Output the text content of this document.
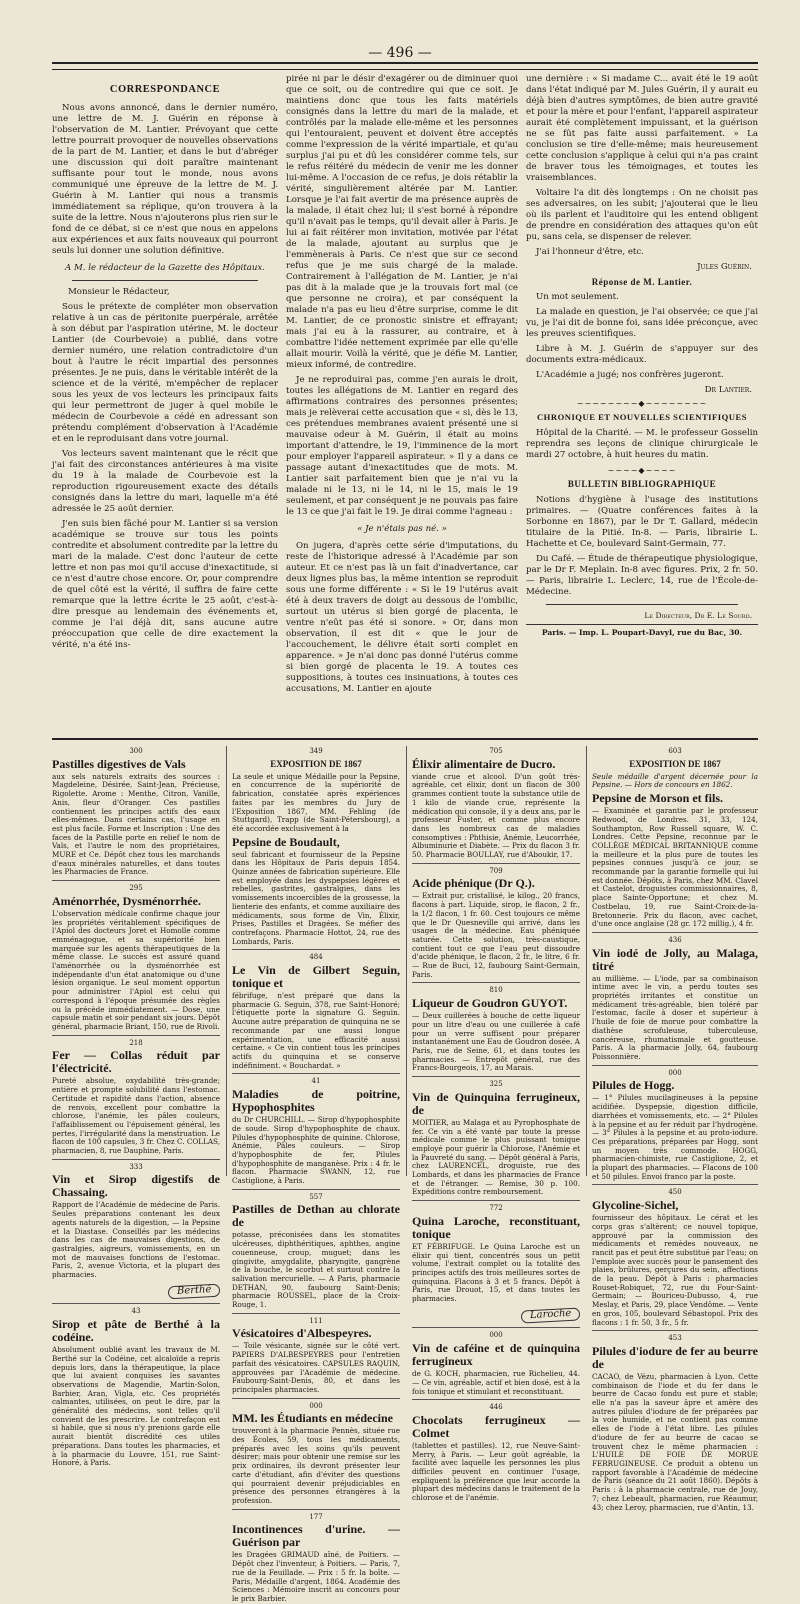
— 496 —
CORRESPONDANCE

Nous avons annoncé, dans le dernier numéro, une lettre de M. J. Guérin en réponse à l'observation de M. Lantier. Prévoyant que cette lettre pourrait provoquer de nouvelles observations de la part de M. Lantier, et dans le but d'abréger une discussion qui doit paraître maintenant suffisante pour tout le monde, nous avons communiqué une épreuve de la lettre de M. J. Guérin à M. Lantier qui nous a transmis immédiatement sa réplique, qu'on trouvera à la suite de la lettre. Nous n'ajouterons plus rien sur le fond de ce débat, si ce n'est que nous en appelons aux expériences et aux faits nouveaux qui pourront seuls lui donner une solution définitive.

A M. le rédacteur de la Gazette des Hôpitaux.

Monsieur le Rédacteur,

Sous le prétexte de compléter mon observation relative à un cas de péritonite puerpérale, arrêtée à son début par l'aspiration utérine, M. le docteur Lantier (de Courbevoie) a publié, dans votre dernier numéro, une relation contradictoire d'un bout à l'autre le récit impartial des personnes présentes. Je ne puis, dans le véritable intérêt de la science et de la vérité, m'empêcher de replacer sous les yeux de vos lecteurs les principaux faits qui leur permettront de juger à quel mobile le médecin de Courbevoie a cédé en adressant son prétendu complément d'observation à l'Académie et en le reproduisant dans votre journal.

Vos lecteurs savent maintenant que le récit que j'ai fait des circonstances antérieures à ma visite du 19 à la malade de Courbevoie est la reproduction rigoureusement exacte des détails consignés dans la lettre du mari, laquelle m'a été adressée le 25 août dernier.

J'en suis bien fâché pour M. Lantier si sa version académique se trouve sur tous les points contredite et absolument contredite par la lettre du mari de la malade. C'est donc l'auteur de cette lettre et non pas moi qu'il accuse d'inexactitude, si ce n'est d'autre chose encore. Or, pour comprendre de quel côté est la vérité, il suffira de faire cette remarque que la lettre écrite le 25 août, c'est-à-dire presque au lendemain des événements et, comme je l'ai déjà dit, sans aucune autre préoccupation que celle de dire exactement la vérité, n'a été ins-

pirée ni par le désir d'exagérer ou de diminuer quoi que ce soit, ou de contredire qui que ce soit. Je maintiens donc que tous les faits matériels consignés dans la lettre du mari de la malade, et contrôlés par la malade elle-même et les personnes qui l'entouraient, peuvent et doivent être acceptés comme l'expression de la vérité impartiale, et qu'au surplus j'ai pu et dû les considérer comme tels, sur le refus réitéré du médecin de venir me les donner lui-même. A l'occasion de ce refus, je dois rétablir la vérité, singulièrement altérée par M. Lantier. Lorsque je l'ai fait avertir de ma présence auprès de la malade, il était chez lui; il s'est borné à répondre qu'il n'avait pas le temps, qu'il devait aller à Paris. Je lui ai fait réitérer mon invitation, motivée par l'état de la malade, ajoutant au surplus que je l'emmènerais à Paris. Ce n'est que sur ce second refus que je me suis chargé de la malade. Contrairement à l'allégation de M. Lantier, je n'ai pas dit à la malade que je la trouvais fort mal (ce que personne ne croira), et par conséquent la malade n'a pas eu lieu d'être surprise, comme le dit M. Lantier, de ce pronostic sinistre et effrayant; mais j'ai eu à la rassurer, au contraire, et à combattre l'idée nettement exprimée par elle qu'elle allait mourir. Voilà la vérité, que je défie M. Lantier, mieux informé, de contredire.

Je ne reproduirai pas, comme j'en aurais le droit, toutes les allégations de M. Lantier en regard des affirmations contraires des personnes présentes; mais je relèverai cette accusation que « si, dès le 13, ces prétendues membranes avaient présenté une si mauvaise odeur à M. Guérin, il était au moins important d'attendre, le 19, l'imminence de la mort pour employer l'appareil aspirateur. » Il y a dans ce passage autant d'inexactitudes que de mots. M. Lantier sait parfaitement bien que je n'ai vu la malade ni le 13, ni le 14, ni le 15, mais le 19 seulement, et par conséquent je ne pouvais pas faire le 13 ce que j'ai fait le 19. Je dirai comme l'agneau :

« Je n'étais pas né. »

On jugera, d'après cette série d'imputations, du reste de l'historique adressé à l'Académie par son auteur. Et ce n'est pas là un fait d'inadvertance, car deux lignes plus bas, la même intention se reproduit sous une forme différente : « Si le 19 l'utérus avait été à deux travers de doigt au dessous de l'ombilic, surtout un utérus si bien gorgé de placenta, le ventre n'eût pas été si sonore. » Or, dans mon observation, il est dit « que le jour de l'accouchement, le délivre était sorti complet en apparence. » Je n'ai donc pas donné l'utérus comme si bien gorgé de placenta le 19. A toutes ces suppositions, à toutes ces insinuations, à toutes ces accusations, M. Lantier en ajoute

une dernière : « Si madame C... avait été le 19 août dans l'état indiqué par M. Jules Guérin, il y aurait eu déjà bien d'autres symptômes, de bien autre gravité et pour la mère et pour l'enfant, l'appareil aspirateur aurait été complètement impuissant, et la guérison ne se fût pas faite aussi parfaitement. » La conclusion se tire d'elle-même; mais heureusement cette conclusion s'applique à celui qui n'a pas craint de braver tous les témoignages, et toutes les vraisemblances.

Voltaire l'a dit dès longtemps : On ne choisit pas ses adversaires, on les subit; j'ajouterai que le lieu où ils parlent et l'auditoire qui les entend obligent de prendre en considération des attaques qu'on eût pu, sans cela, se dispenser de relever.

J'ai l'honneur d'être, etc.

Jules Guérin.
Réponse de M. Lantier.

Un mot seulement.

La malade en question, je l'ai observée; ce que j'ai vu, je l'ai dit de bonne foi, sans idée préconçue, avec les preuves scientifiques.

Libre à M. J. Guérin de s'appuyer sur des documents extra-médicaux.

L'Académie a jugé; nos confrères jugeront.

Dr Lantier.
~~~~~~~~◆~~~~~~~~
CHRONIQUE ET NOUVELLES SCIENTIFIQUES

Hôpital de la Charité. — M. le professeur Gosselin reprendra ses leçons de clinique chirurgicale le mardi 27 octobre, à huit heures du matin.

~~~~◆~~~~
BULLETIN BIBLIOGRAPHIQUE

Notions d'hygiène à l'usage des institutions primaires. — (Quatre conférences faites à la Sorbonne en 1867), par le Dr T. Gallard, médecin titulaire de la Pitié. In-8. — Paris, librairie L. Hachette et Ce, boulevard Saint-Germain, 77.

Du Café. — Étude de thérapeutique physiologique, par le Dr F. Meplain. In-8 avec figures. Prix, 2 fr. 50. — Paris, librairie L. Leclerc, 14, rue de l'École-de-Médecine.

Le Directeur, Dr E. Le Sourd.
Paris. — Imp. L. Poupart-Davyl, rue du Bac, 30.
300
Pastilles digestives de Vals

aux sels naturels extraits des sources : Magdeleine, Désirée, Saint-Jean, Précieuse, Rigolette. Arome : Menthe, Citron, Vanille, Anis, fleur d'Oranger. Ces pastilles contiennent les principes actifs des eaux elles-mêmes. Dans certains cas, l'usage en est plus facile. Forme et Inscription : Une des faces de la Pastille porte en relief le nom de Vals, et l'autre le nom des propriétaires, MURE et Ce. Dépôt chez tous les marchands d'eaux minérales naturelles, et dans toutes les Pharmacies de France.

295
Aménorrhée, Dysménorrhée.

L'observation médicale confirme chaque jour les propriétés véritablement spécifiques de l'Apiol des docteurs Joret et Homolle comme emménagogue, et sa supériorité bien marquée sur les agents thérapeutiques de la même classe. Le succès est assuré quand l'aménorrhée ou la dysménorrhée est indépendante d'un état anatomique ou d'une lésion organique. Le seul moment opportun pour administrer l'Apiol est celui qui correspond à l'époque présumée des règles ou la précède immédiatement. — Dose, une capsule matin et soir pendant six jours. Dépôt général, pharmacie Briant, 150, rue de Rivoli.

218
Fer — Collas réduit par l'électricité.

Pureté absolue, oxydabilité très-grande; entière et prompte solubilité dans l'estomac. Certitude et rapidité dans l'action, absence de renvois, excellent pour combattre la chlorose, l'anémie, les pâles couleurs, l'affaiblissement ou l'épuisement général, les pertes, l'irrégularité dans la menstruation. Le flacon de 100 capsules, 3 fr. Chez C. COLLAS, pharmacien, 8, rue Dauphine, Paris.

333
Vin et Sirop digestifs de Chassaing.

Rapport de l'Académie de médecine de Paris. Seules préparations contenant les deux agents naturels de la digestion, — la Pepsine et la Diastase. Conseillés par les médecins dans les cas de mauvaises digestions, de gastralgies, aigreurs, vomissements, en un mot de mauvaises fonctions de l'estomac. Paris, 2, avenue Victoria, et la plupart des pharmacies.

Berthé
43
Sirop et pâte de Berthé à la codéine.

Absolument oublié avant les travaux de M. Berthé sur la Codéine, cet alcaloïde a repris depuis lors, dans la thérapeutique, la place que lui avaient conquises les savantes observations de Magendie, Martin-Solon, Barbier, Aran, Vigla, etc. Ces propriétés calmantes, utilisées, on peut le dire, par la généralité des médecins, sont telles qu'il convient de les prescrire. Le contrefaçon est si habile, que si nous n'y prenions garde elle aurait bientôt discrédité ces utiles préparations. Dans toutes les pharmacies, et à la pharmacie du Louvre, 151, rue Saint-Honoré, à Paris.

349
EXPOSITION DE 1867

La seule et unique Médaille pour la Pepsine, en concurrence de la supériorité de fabrication, constatée après expériences faites par les membres du Jury de l'Exposition 1867, MM. Fehling (de Stuttgard), Trapp (de Saint-Pétersbourg), a été accordée exclusivement à la

Pepsine de Boudault,

seul fabricant et fournisseur de la Pepsine dans les Hôpitaux de Paris depuis 1854. Quinze années de fabrication supérieure. Elle est employée dans les dyspepsies légères et rebelles, gastrites, gastralgies, dans les vomissements incoercibles de la grossesse, la lienterie des enfants, et comme auxiliaire des médicaments, sous forme de Vin, Élixir, Prises, Pastilles et Dragées. Se méfier des contrefaçons. Pharmacie Hottot, 24, rue des Lombards, Paris.

484
Le Vin de Gilbert Seguin, tonique et

fébrifuge, n'est préparé que dans la pharmacie G. Seguin, 378, rue Saint-Honoré; l'étiquette porte la signature G. Seguin. Aucune autre préparation de quinquina ne se recommande par une aussi longue expérimentation, une efficacité aussi certaine. « Ce vin contient tous les principes actifs du quinquina et se conserve indéfiniment. « Bouchardat. »

41
Maladies de poitrine, Hypophosphites

du Dr CHURCHILL. — Sirop d'hypophosphite de soude. Sirop d'hypophosphite de chaux. Pilules d'hypophosphite de quinine. Chlorose, Anémie, Pâles couleurs. — Sirop d'hypophosphite de fer, Pilules d'hypophosphite de manganèse. Prix : 4 fr. le flacon. Pharmacie SWANN, 12, rue Castiglione, à Paris.

557
Pastilles de Dethan au chlorate de

potasse, préconisées dans les stomatites ulcéreuses, diphthéritiques, aphthes, angine couenneuse, croup, muguet; dans les gingivite, amygdalite, pharyngite, gangrène de la bouche, le scorbut et surtout contre la salivation mercurielle. — A Paris, pharmacie DETHAN, 90, faubourg Saint-Denis; pharmacie ROUSSEL, place de la Croix-Rouge, 1.

111
Vésicatoires d'Albespeyres.

— Toile vésicante, signée sur le côté vert. PAPIERS D'ALBESPEYRES pour l'entretien parfait des vésicatoires. CAPSULES RAQUIN, approuvées par l'Académie de médecine. Faubourg-Saint-Denis, 80, et dans les principales pharmacies.

000
MM. les Étudiants en médecine

trouveront à la pharmacie Pennès, située rue des Écoles, 59, tous les médicaments, préparés avec les soins qu'ils peuvent désirer; mais pour obtenir une remise sur les prix ordinaires, ils devront présenter leur carte d'étudiant, afin d'éviter des questions qui pourraient devenir préjudiciables en présence des personnes étrangères à la profession.

177
Incontinences d'urine. — Guérison par

les Dragées GRIMAUD aîné, de Poitiers. — Dépôt chez l'inventeur, à Poitiers. — Paris, 7, rue de la Feuillade. — Prix : 5 fr. la boîte. — Paris, Médaille d'argent, 1864. Académie des Sciences : Mémoire inscrit au concours pour le prix Barbier.

705
Élixir alimentaire de Ducro.

viande crue et alcool. D'un goût très-agréable, cet élixir, dont un flacon de 300 grammes contient toute la substance utile de 1 kilo de viande crue, représente la médication qui console, il y a deux ans, par le professeur Fuster, et comme plus encore dans les nombreux cas de maladies consomptives : Phthisie, Anémie, Leucorrhée, Albuminurie et Diabète. — Prix du flacon 3 fr. 50. Pharmacie BOULLAY, rue d'Aboukir, 17.

709
Acide phénique (Dr Q.).

— Extrait pur, cristallisé, le kilog., 20 francs, flacons à part. Liquide, sirop, le flacon, 2 fr., la 1/2 flacon, 1 fr. 60. Cest toujours ce même que le Dr Quesneville qui arrivé, dans les usages de la médecine. Eau phéniquée saturée. Cette solution, très-caustique, contient tout ce que l'eau peut dissoudre d'acide phénique, le flacon, 2 fr., le litre, 6 fr. — Rue de Buci, 12, faubourg Saint-Germain, Paris.

810
Liqueur de Goudron GUYOT.

— Deux cuillerées à bouche de cette liqueur pour un litre d'eau ou une cuillerée à café pour un verre suffisent pour préparer instantanément une Eau de Goudron dosée. A Paris, rue de Seine, 61, et dans toutes les pharmacies. — Entrepôt général, rue des Francs-Bourgeois, 17, au Marais.

325
Vin de Quinquina ferrugineux, de

MOITIER, au Malaga et au Pyrophosphate de fer. Ce vin a été vanté par toute la presse médicale comme le plus puissant tonique employé pour guérir la Chlorose, l'Anémie et la Pauvreté du sang. — Dépôt général à Paris, chez LAURENCEL, droguiste, rue des Lombards, et dans les pharmacies de France et de l'étranger. — Remise, 30 p. 100. Expéditions contre remboursement.

772
Quina Laroche, reconstituant, tonique

ET FÉBRIFUGE. Le Quina Laroche est un élixir qui tient, concentrés sous un petit volume, l'extrait complet ou la totalité des principes actifs des trois meilleures sortes de quinquina. Flacons à 3 et 5 francs. Dépôt à Paris, rue Drouot, 15, et dans toutes les pharmacies.

Laroche
000
Vin de caféine et de quinquina ferrugineux

de G. KOCH, pharmacien, rue Richelieu, 44. — Ce vin, agréable, actif et bien dosé, est à la fois tonique et stimulant et reconstituant.

446
Chocolats ferrugineux — Colmet

(tablettes et pastilles). 12, rue Neuve-Saint-Merry, à Paris. — Leur goût agréable, la facilité avec laquelle les personnes les plus difficiles peuvent en continuer l'usage, expliquent la préférence que leur accorde la plupart des médecins dans le traitement de la chlorose et de l'anémie.

603
EXPOSITION DE 1867

Seule médaille d'argent décernée pour la Pepsine. — Hors de concours en 1862.

Pepsine de Morson et fils.

— Examinée et garantie par le professeur Redwood, de Londres. 31, 33, 124, Southampton, Row Russell square, W. C. Londres. Cette Pepsine, reconnue par le COLLÈGE MÉDICAL BRITANNIQUE comme la meilleure et la plus pure de toutes les pepsines connues jusqu'à ce jour, se recommande par la garantie formelle qui lui est donnée. Dépôts, à Paris, chez MM. Clavel et Castelot, droguistes commissionnaires, 8, place Sainte-Opportune; et chez M. Costbelau, 19, rue Saint-Croix-de-la-Bretonnerie. Prix du flacon, avec cachet, d'une once anglaise (28 gr. 172 millig.), 4 fr.

436
Vin iodé de Jolly, au Malaga, titré

au millième. — L'iode, par sa combinaison intime avec le vin, a perdu toutes ses propriétés irritantes et constitue un médicament très-agréable, bien toléré par l'estomac, facile à doser et supérieur à l'huile de foie de morue pour combattre la diathèse scrofuleuse, tuberculeuse, cancéreuse, rhumatismale et goutteuse. Paris. A la pharmacie Jolly, 64, faubourg Poissonnière.

000
Pilules de Hogg.

— 1° Pilules mucilagineuses à la pepsine acidifiée. Dyspepsie, digestion difficile, diarrhées et vomissements, etc. — 2° Pilules à la pepsine et au fer réduit par l'hydrogène. — 3° Pilules à la pepsine et au proto-iodure. Ces préparations, préparées par Hogg, sont un moyen très commode. HOGG, pharmacien-chimiste, rue Castiglione, 2, et la plupart des pharmacies. — Flacons de 100 et 50 pilules. Envoi franco par la poste.

450
Glycoline-Sichel,

fournisseur des hôpitaux. Le cérat et les corps gras s'altèrent; ce nouvel topique, approuvé par la commission des médicaments et remèdes nouveaux, ne rancit pas et peut être substitué par l'eau; on l'emploie avec succès pour le pansement des plaies, brûlures, gerçures du sein, affections de la peau. Dépôt à Paris : pharmacies Rouset-Robiquet, 72, rue du Four-Saint-Germain; — Bouriceu-Dubusso, 4, rue Meslay, et Paris, 29, place Vendôme. — Vente en gros, 105, boulevard Sébastopol. Prix des flacons : 1 fr. 50, 3 fr., 5 fr.

453
Pilules d'iodure de fer au beurre de

CACAO, de Vézu, pharmacien à Lyon. Cette combinaison de l'iode et du fer dans le beurre de Cacao fondu est pure et stable; elle n'a pas la saveur âpre et amère des autres pilules d'iodure de fer préparées par la voie humide, et ne contient pas comme elles de l'iode à l'état libre. Les pilules d'iodure de fer au beurre de cacao se trouvent chez le même pharmacien : L'HUILE DE FOIE DE MORUE FERRUGINEUSE. Ce produit a obtenu un rapport favorable à l'Académie de médecine de Paris (séance du 21 août 1860). Dépôts à Paris : à la pharmacie centrale, rue de Jouy, 7; chez Lebeault, pharmacien, rue Réaumur, 43; chez Leroy, pharmacien, rue d'Antin, 13.
